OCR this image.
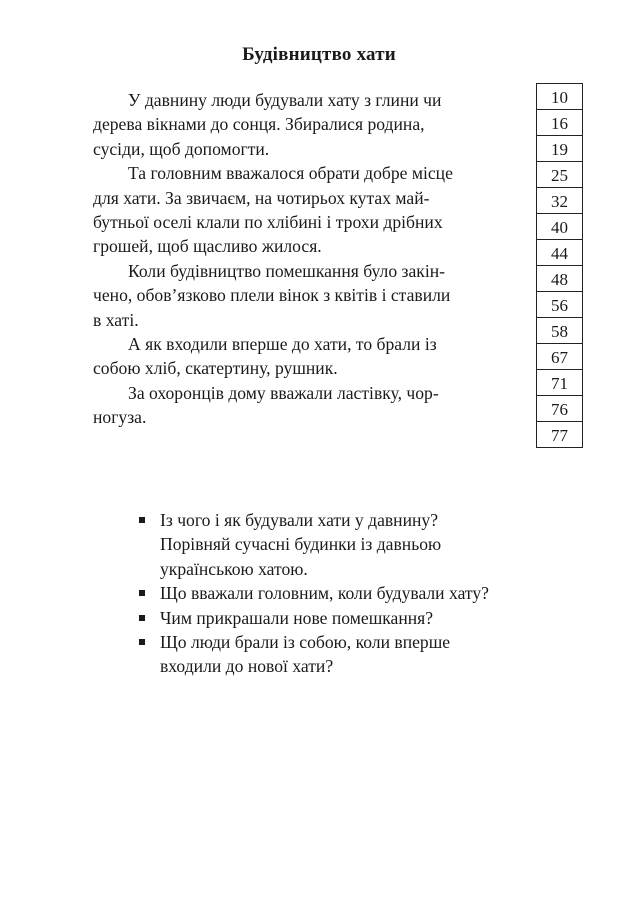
Будівництво хати
У давнину люди будували хату з глини чи
дерева вікнами до сонця. Збиралися родина,
сусіди, щоб допомогти.
Та головним вважалося обрати добре місце
для хати. За звичаєм, на чотирьох кутах май-
бутньої оселі клали по хлібині і трохи дрібних
грошей, щоб щасливо жилося.
Коли будівництво помешкання було закін-
чено, обов’язково плели вінок з квітів і ставили
в хаті.
А як входили вперше до хати, то брали із
собою хліб, скатертину, рушник.
За охоронців дому вважали ластівку, чор-
ногуза.
10
16
19
25
32
40
44
48
56
58
67
71
76
77
Із чого і як будували хати у давнину?
Порівняй сучасні будинки із давньою
українською хатою.
Що вважали головним, коли будували хату?
Чим прикрашали нове помешкання?
Що люди брали із собою, коли вперше
входили до нової хати?
